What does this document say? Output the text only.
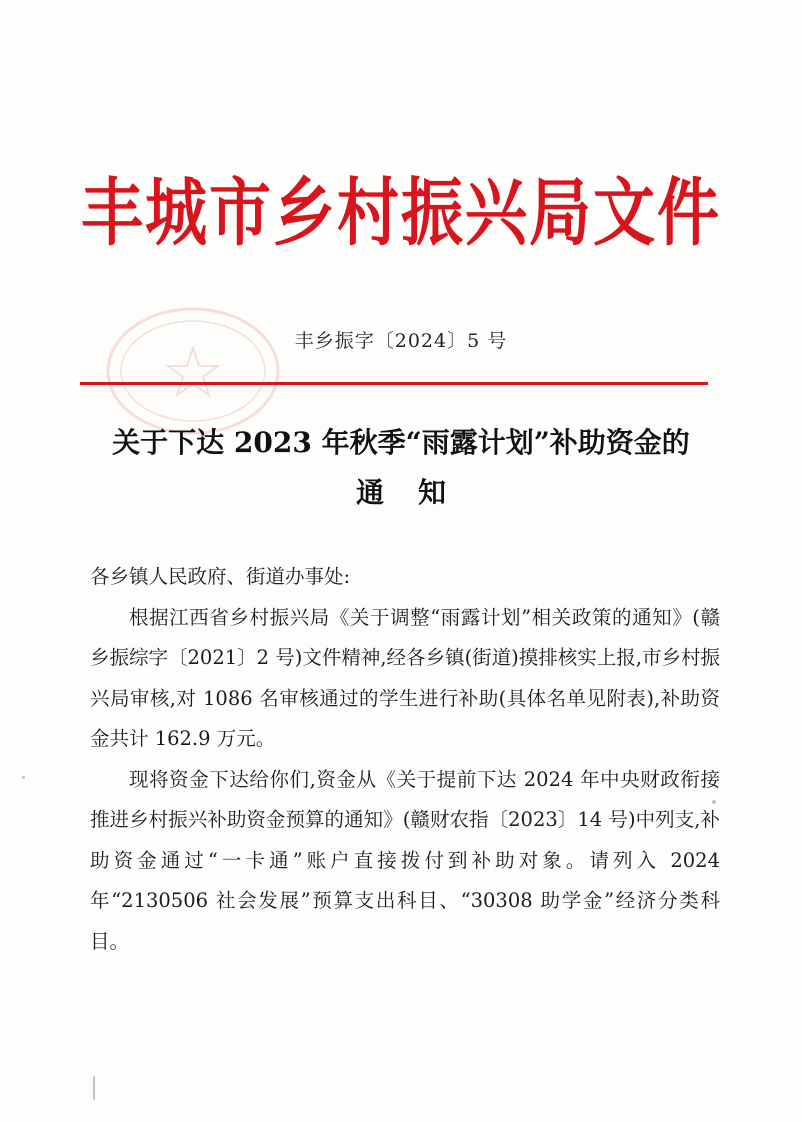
丰城市乡村振兴局文件
丰乡振字〔2024〕5 号
关于下达 2023 年秋季“雨露计划”补助资金的
通知

各乡镇人民政府、街道办事处:

根据江西省乡村振兴局《关于调整“雨露计划”相关政策的通知》(赣乡振综字〔2021〕2 号)文件精神,经各乡镇(街道)摸排核实上报,市乡村振兴局审核,对 1086 名审核通过的学生进行补助(具体名单见附表),补助资金共计 162.9 万元。

现将资金下达给你们,资金从《关于提前下达 2024 年中央财政衔接推进乡村振兴补助资金预算的通知》(赣财农指〔2023〕14 号)中列支,补助资金通过“一卡通”账户直接拨付到补助对象。请列入 2024 年“2130506 社会发展”预算支出科目、“30308 助学金”经济分类科目。
